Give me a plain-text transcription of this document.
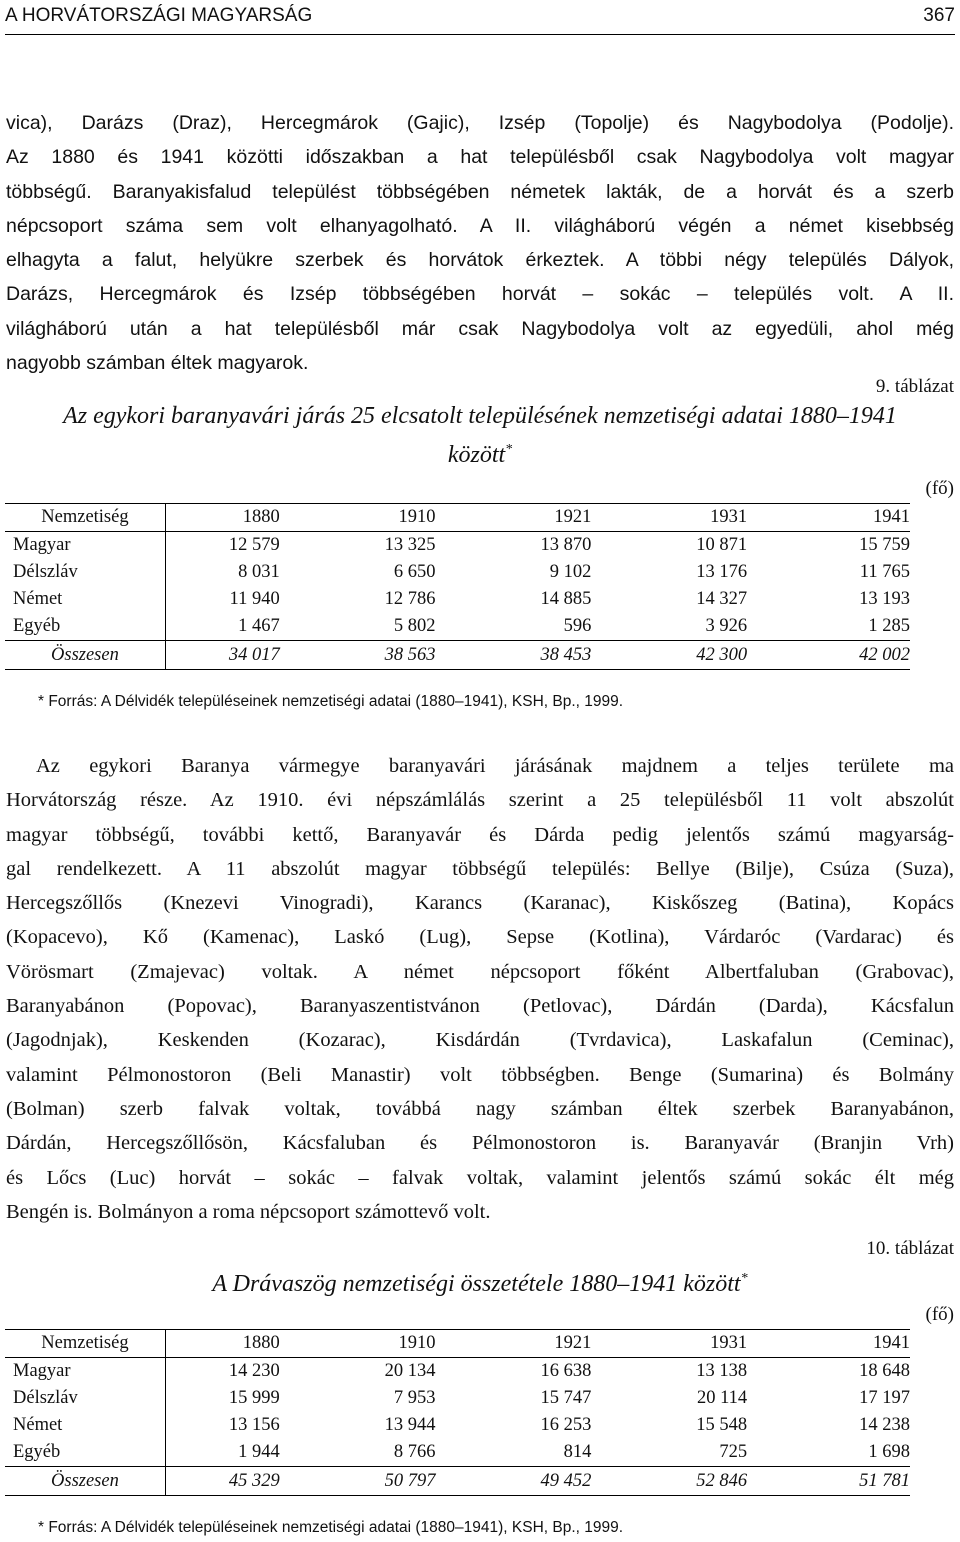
A HORVÁTORSZÁGI MAGYARSÁG	367
vica), Darázs (Draz), Hercegmárok (Gajic), Izsép (Topolje) és Nagybodolya (Podolje).
Az 1880 és 1941 közötti időszakban a hat településből csak Nagybodolya volt magyar
többségű. Baranyakisfalud települést többségében németek lakták, de a horvát és a szerb
népcsoport száma sem volt elhanyagolható. A II. világháború végén a német kisebbség
elhagyta a falut, helyükre szerbek és horvátok érkeztek. A többi négy település Dályok,
Darázs, Hercegmárok és Izsép többségében horvát – sokác – település volt. A II.
világháború után a hat településből már csak Nagybodolya volt az egyedüli, ahol még
nagyobb számban éltek magyarok.
9. táblázat
Az egykori baranyavári járás 25 elcsatolt településének nemzetiségi adatai 1880–1941
között*
(fő)
Nemzetiség	1880	1910	1921	1931	1941
Magyar	12 579	13 325	13 870	10 871	15 759
Délszláv	8 031	6 650	9 102	13 176	11 765
Német	11 940	12 786	14 885	14 327	13 193
Egyéb	1 467	5 802	596	3 926	1 285
Összesen	34 017	38 563	38 453	42 300	42 002
* Forrás: A Délvidék településeinek nemzetiségi adatai (1880–1941), KSH, Bp., 1999.
Az egykori Baranya vármegye baranyavári járásának majdnem a teljes területe ma
Horvátország része. Az 1910. évi népszámlálás szerint a 25 településből 11 volt abszolút
magyar többségű, további kettő, Baranyavár és Dárda pedig jelentős számú magyarság-
gal rendelkezett. A 11 abszolút magyar többségű település: Bellye (Bilje), Csúza (Suza),
Hercegszőllős (Knezevi Vinogradi), Karancs (Karanac), Kiskőszeg (Batina), Kopács
(Kopacevo), Kő (Kamenac), Laskó (Lug), Sepse (Kotlina), Várdaróc (Vardarac) és
Vörösmart (Zmajevac) voltak. A német népcsoport főként Albertfaluban (Grabovac),
Baranyabánon (Popovac), Baranyaszentistvánon (Petlovac), Dárdán (Darda), Kácsfalun
(Jagodnjak), Keskenden (Kozarac), Kisdárdán (Tvrdavica), Laskafalun (Ceminac),
valamint Pélmonostoron (Beli Manastir) volt többségben. Benge (Sumarina) és Bolmány
(Bolman) szerb falvak voltak, továbbá nagy számban éltek szerbek Baranyabánon,
Dárdán, Hercegszőllősön, Kácsfaluban és Pélmonostoron is. Baranyavár (Branjin Vrh)
és Lőcs (Luc) horvát – sokác – falvak voltak, valamint jelentős számú sokác élt még
Bengén is. Bolmányon a roma népcsoport számottevő volt.
10. táblázat
A Drávaszög nemzetiségi összetétele 1880–1941 között*
(fő)
Nemzetiség	1880	1910	1921	1931	1941
Magyar	14 230	20 134	16 638	13 138	18 648
Délszláv	15 999	7 953	15 747	20 114	17 197
Német	13 156	13 944	16 253	15 548	14 238
Egyéb	1 944	8 766	814	725	1 698
Összesen	45 329	50 797	49 452	52 846	51 781
* Forrás: A Délvidék településeinek nemzetiségi adatai (1880–1941), KSH, Bp., 1999.
